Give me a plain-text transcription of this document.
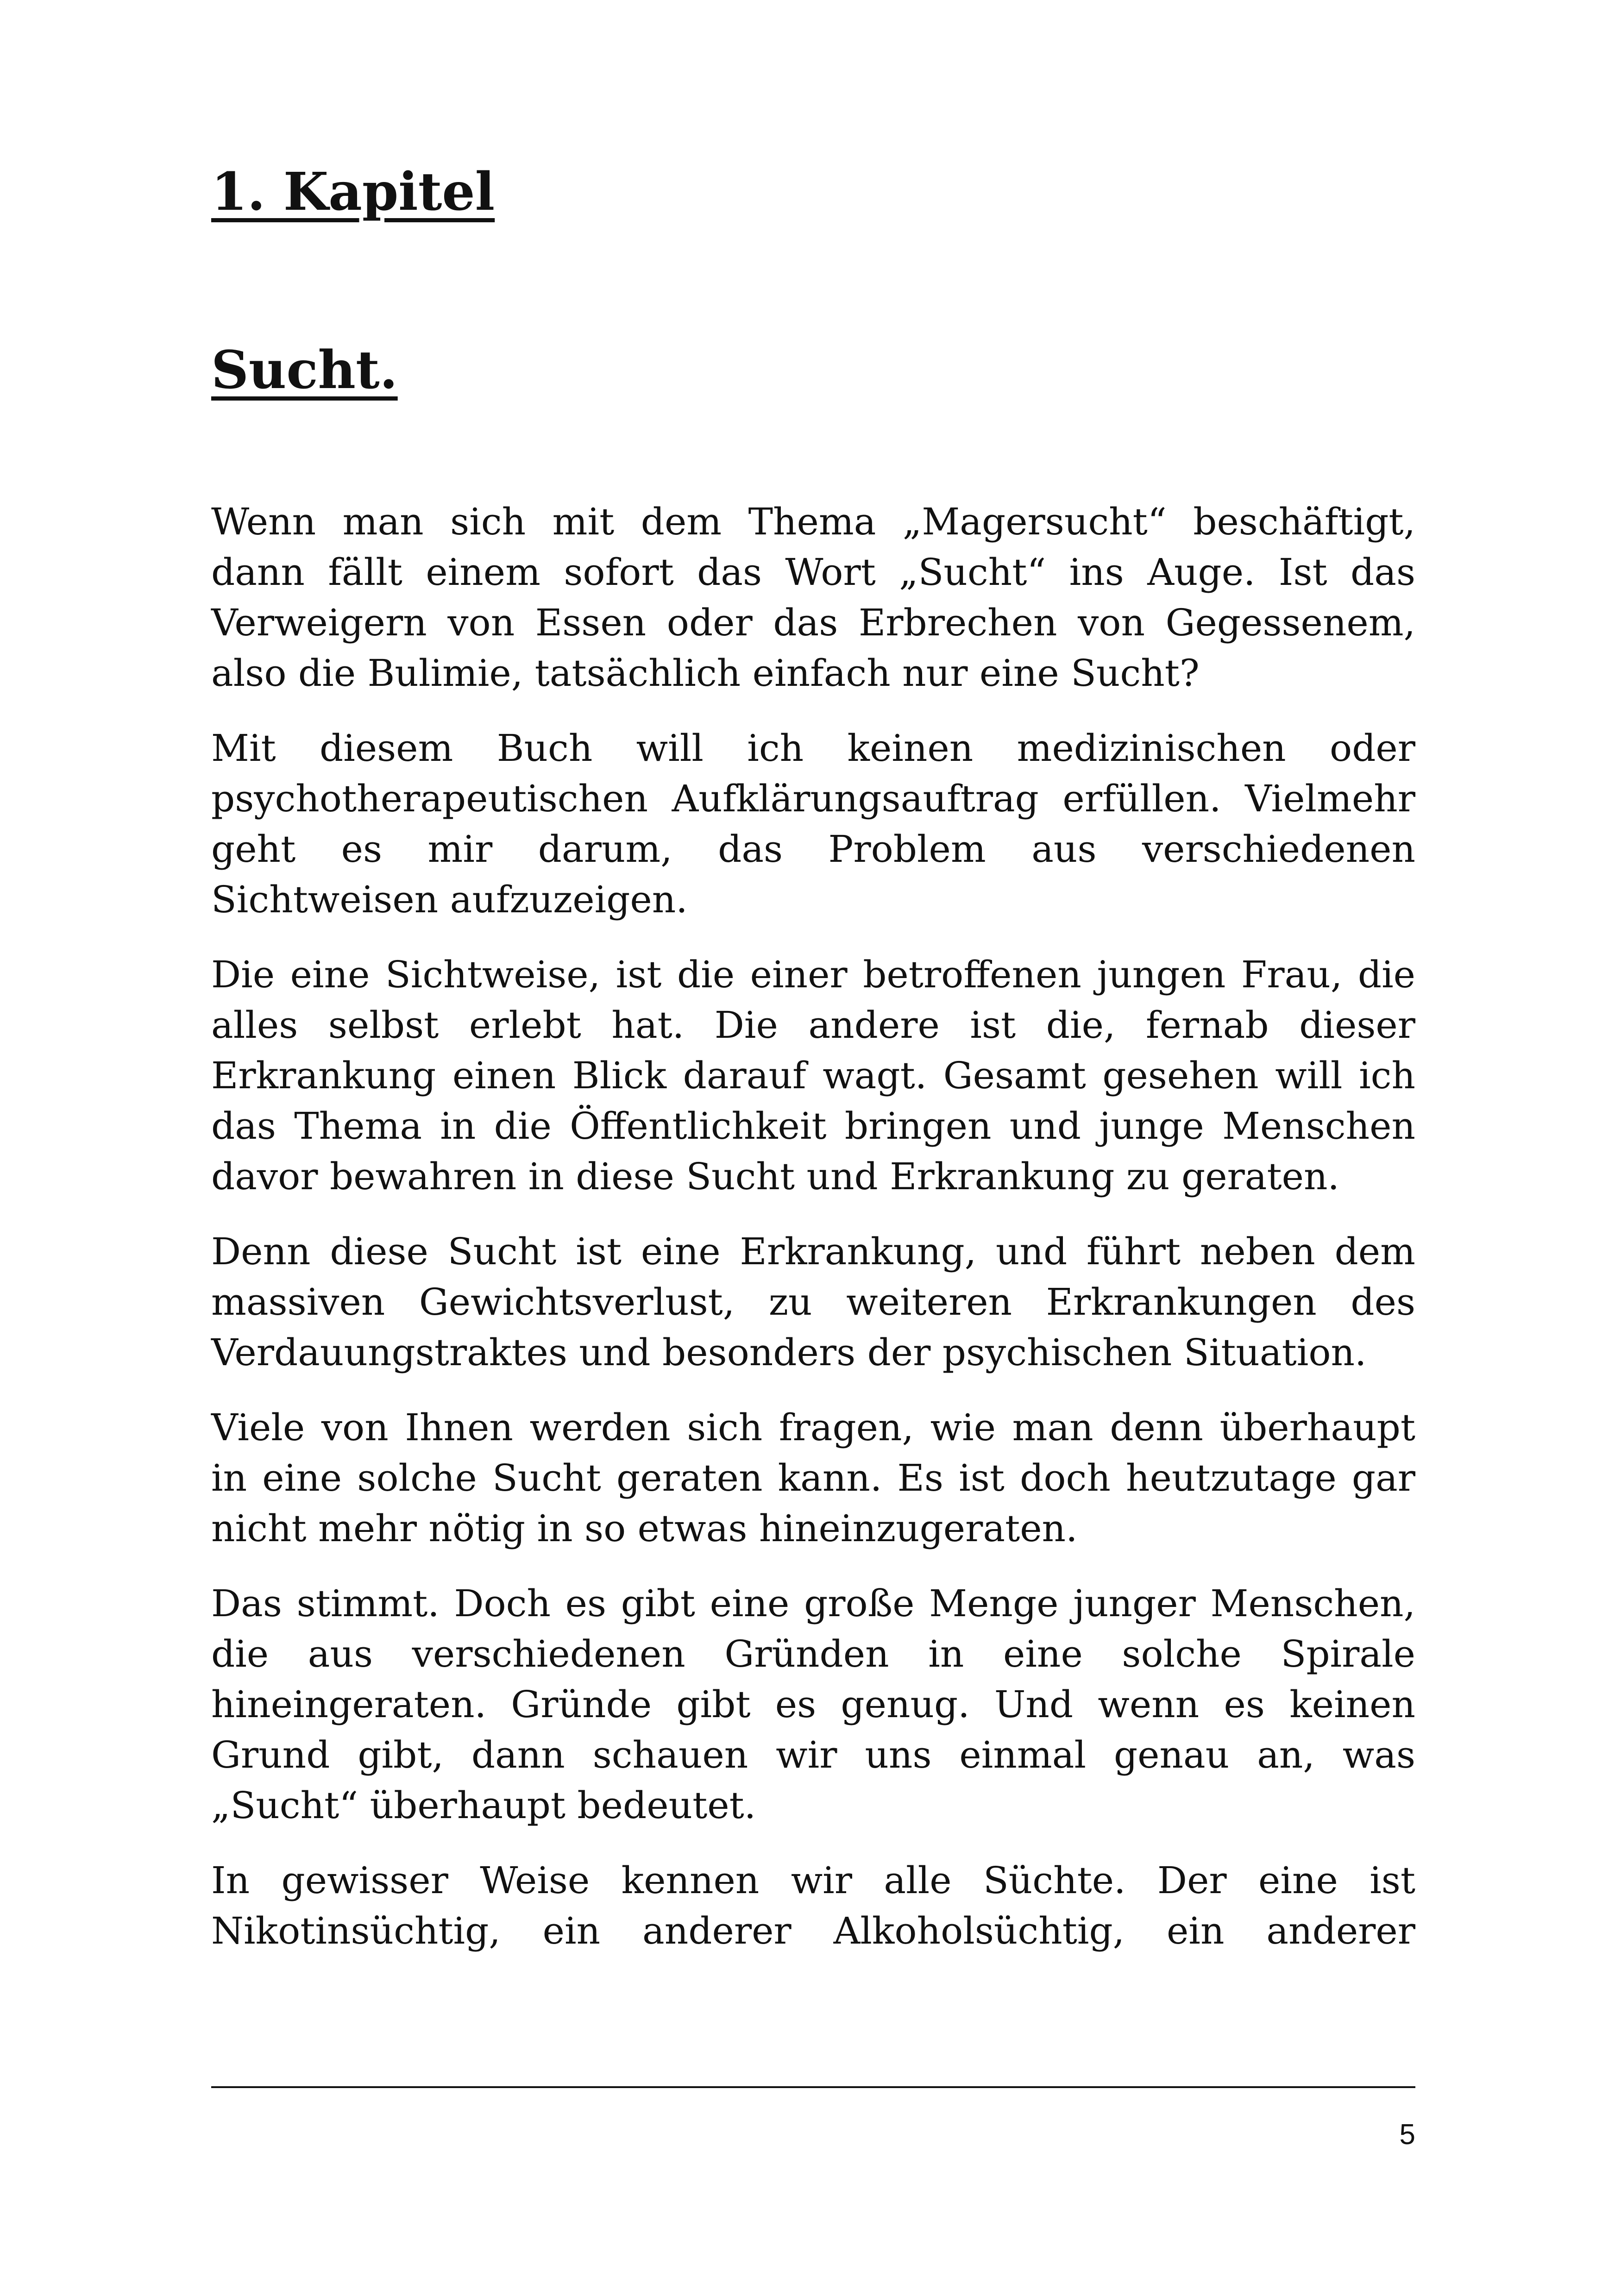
1. Kapitel
Sucht.

Wenn man sich mit dem Thema „Magersucht“ beschäftigt, dann fällt einem sofort das Wort „Sucht“ ins Auge. Ist das Verweigern von Essen oder das Erbrechen von Gegessenem, also die Bulimie, tatsächlich einfach nur eine Sucht?

Mit diesem Buch will ich keinen medizinischen oder psychotherapeutischen Aufklärungsauftrag erfüllen. Vielmehr geht es mir darum, das Problem aus verschiedenen Sichtweisen aufzuzeigen.

Die eine Sichtweise, ist die einer betroffenen jungen Frau, die alles selbst erlebt hat. Die andere ist die, fernab dieser Erkrankung einen Blick darauf wagt. Gesamt gesehen will ich das Thema in die Öffentlichkeit bringen und junge Menschen davor bewahren in diese Sucht und Erkrankung zu geraten.

Denn diese Sucht ist eine Erkrankung, und führt neben dem massiven Gewichtsverlust, zu weiteren Erkrankungen des Verdauungstraktes und besonders der psychischen Situation.

Viele von Ihnen werden sich fragen, wie man denn überhaupt in eine solche Sucht geraten kann. Es ist doch heutzutage gar nicht mehr nötig in so etwas hineinzugeraten.

Das stimmt. Doch es gibt eine große Menge junger Menschen, die aus verschiedenen Gründen in eine solche Spirale hineingeraten. Gründe gibt es genug. Und wenn es keinen Grund gibt, dann schauen wir uns einmal genau an, was „Sucht“ überhaupt bedeutet.

In gewisser Weise kennen wir alle Süchte. Der eine ist Nikotinsüchtig, ein anderer Alkoholsüchtig, ein anderer

5
